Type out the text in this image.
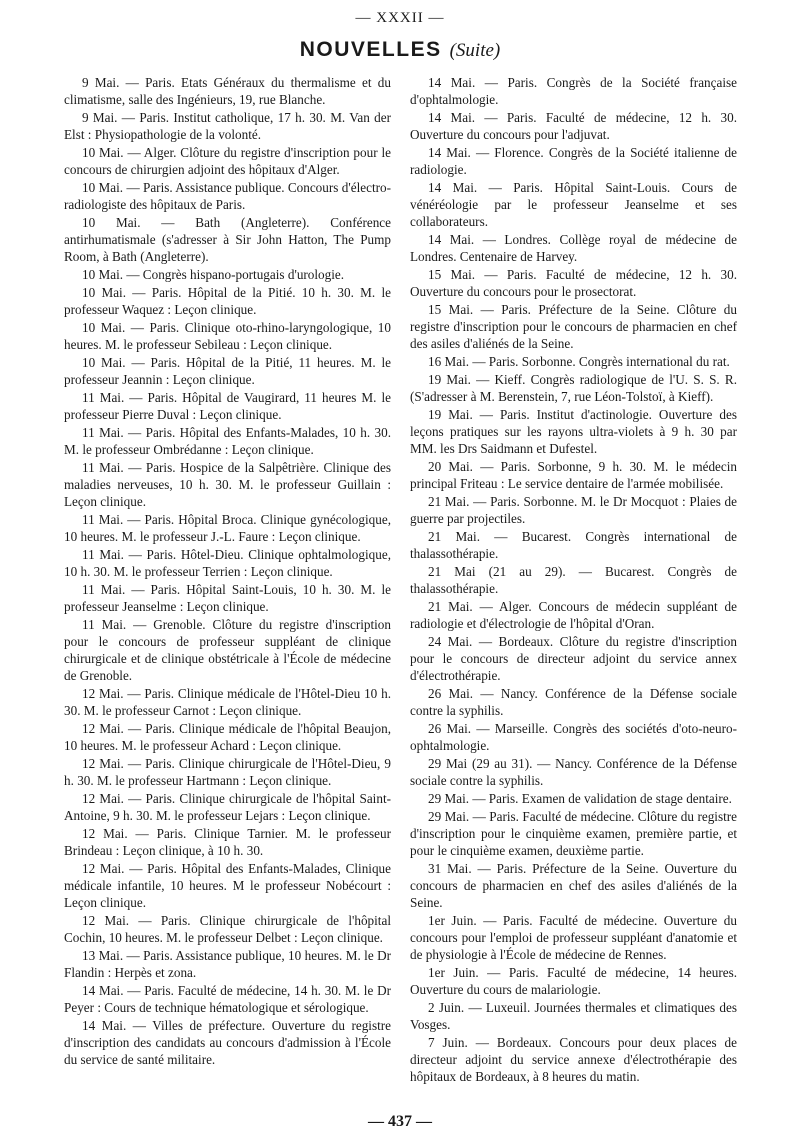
— XXXII —
NOUVELLES (Suite)

9 Mai. — Paris. Etats Généraux du thermalisme et du climatisme, salle des Ingénieurs, 19, rue Blanche.

9 Mai. — Paris. Institut catholique, 17 h. 30. M. Van der Elst : Physiopathologie de la volonté.

10 Mai. — Alger. Clôture du registre d'inscription pour le concours de chirurgien adjoint des hôpitaux d'Alger.

10 Mai. — Paris. Assistance publique. Concours d'électro-radiologiste des hôpitaux de Paris.

10 Mai. — Bath (Angleterre). Conférence antirhumatismale (s'adresser à Sir John Hatton, The Pump Room, à Bath (Angleterre).

10 Mai. — Congrès hispano-portugais d'urologie.

10 Mai. — Paris. Hôpital de la Pitié. 10 h. 30. M. le professeur Waquez : Leçon clinique.

10 Mai. — Paris. Clinique oto-rhino-laryngologique, 10 heures. M. le professeur Sebileau : Leçon clinique.

10 Mai. — Paris. Hôpital de la Pitié, 11 heures. M. le professeur Jeannin : Leçon clinique.

11 Mai. — Paris. Hôpital de Vaugirard, 11 heures M. le professeur Pierre Duval : Leçon clinique.

11 Mai. — Paris. Hôpital des Enfants-Malades, 10 h. 30. M. le professeur Ombrédanne : Leçon clinique.

11 Mai. — Paris. Hospice de la Salpêtrière. Clinique des maladies nerveuses, 10 h. 30. M. le professeur Guillain : Leçon clinique.

11 Mai. — Paris. Hôpital Broca. Clinique gynécologique, 10 heures. M. le professeur J.-L. Faure : Leçon clinique.

11 Mai. — Paris. Hôtel-Dieu. Clinique ophtalmologique, 10 h. 30. M. le professeur Terrien : Leçon clinique.

11 Mai. — Paris. Hôpital Saint-Louis, 10 h. 30. M. le professeur Jeanselme : Leçon clinique.

11 Mai. — Grenoble. Clôture du registre d'inscription pour le concours de professeur suppléant de clinique chirurgicale et de clinique obstétricale à l'École de médecine de Grenoble.

12 Mai. — Paris. Clinique médicale de l'Hôtel-Dieu 10 h. 30. M. le professeur Carnot : Leçon clinique.

12 Mai. — Paris. Clinique médicale de l'hôpital Beaujon, 10 heures. M. le professeur Achard : Leçon clinique.

12 Mai. — Paris. Clinique chirurgicale de l'Hôtel-Dieu, 9 h. 30. M. le professeur Hartmann : Leçon clinique.

12 Mai. — Paris. Clinique chirurgicale de l'hôpital Saint-Antoine, 9 h. 30. M. le professeur Lejars : Leçon clinique.

12 Mai. — Paris. Clinique Tarnier. M. le professeur Brindeau : Leçon clinique, à 10 h. 30.

12 Mai. — Paris. Hôpital des Enfants-Malades, Clinique médicale infantile, 10 heures. M le professeur Nobécourt : Leçon clinique.

12 Mai. — Paris. Clinique chirurgicale de l'hôpital Cochin, 10 heures. M. le professeur Delbet : Leçon clinique.

13 Mai. — Paris. Assistance publique, 10 heures. M. le Dr Flandin : Herpès et zona.

14 Mai. — Paris. Faculté de médecine, 14 h. 30. M. le Dr Peyer : Cours de technique hématologique et sérologique.

14 Mai. — Villes de préfecture. Ouverture du registre d'inscription des candidats au concours d'admission à l'École du service de santé militaire.

14 Mai. — Paris. Congrès de la Société française d'ophtalmologie.

14 Mai. — Paris. Faculté de médecine, 12 h. 30. Ouverture du concours pour l'adjuvat.

14 Mai. — Florence. Congrès de la Société italienne de radiologie.

14 Mai. — Paris. Hôpital Saint-Louis. Cours de vénéréologie par le professeur Jeanselme et ses collaborateurs.

14 Mai. — Londres. Collège royal de médecine de Londres. Centenaire de Harvey.

15 Mai. — Paris. Faculté de médecine, 12 h. 30. Ouverture du concours pour le prosectorat.

15 Mai. — Paris. Préfecture de la Seine. Clôture du registre d'inscription pour le concours de pharmacien en chef des asiles d'aliénés de la Seine.

16 Mai. — Paris. Sorbonne. Congrès international du rat.

19 Mai. — Kieff. Congrès radiologique de l'U. S. S. R. (S'adresser à M. Berenstein, 7, rue Léon-Tolstoï, à Kieff).

19 Mai. — Paris. Institut d'actinologie. Ouverture des leçons pratiques sur les rayons ultra-violets à 9 h. 30 par MM. les Drs Saidmann et Dufestel.

20 Mai. — Paris. Sorbonne, 9 h. 30. M. le médecin principal Friteau : Le service dentaire de l'armée mobilisée.

21 Mai. — Paris. Sorbonne. M. le Dr Mocquot : Plaies de guerre par projectiles.

21 Mai. — Bucarest. Congrès international de thalassothérapie.

21 Mai (21 au 29). — Bucarest. Congrès de thalassothérapie.

21 Mai. — Alger. Concours de médecin suppléant de radiologie et d'électrologie de l'hôpital d'Oran.

24 Mai. — Bordeaux. Clôture du registre d'inscription pour le concours de directeur adjoint du service annex d'électrothérapie.

26 Mai. — Nancy. Conférence de la Défense sociale contre la syphilis.

26 Mai. — Marseille. Congrès des sociétés d'oto-neuro-ophtalmologie.

29 Mai (29 au 31). — Nancy. Conférence de la Défense sociale contre la syphilis.

29 Mai. — Paris. Examen de validation de stage dentaire.

29 Mai. — Paris. Faculté de médecine. Clôture du registre d'inscription pour le cinquième examen, première partie, et pour le cinquième examen, deuxième partie.

31 Mai. — Paris. Préfecture de la Seine. Ouverture du concours de pharmacien en chef des asiles d'aliénés de la Seine.

1er Juin. — Paris. Faculté de médecine. Ouverture du concours pour l'emploi de professeur suppléant d'anatomie et de physiologie à l'École de médecine de Rennes.

1er Juin. — Paris. Faculté de médecine, 14 heures. Ouverture du cours de malariologie.

2 Juin. — Luxeuil. Journées thermales et climatiques des Vosges.

7 Juin. — Bordeaux. Concours pour deux places de directeur adjoint du service annexe d'électrothérapie des hôpitaux de Bordeaux, à 8 heures du matin.

— 437 —
